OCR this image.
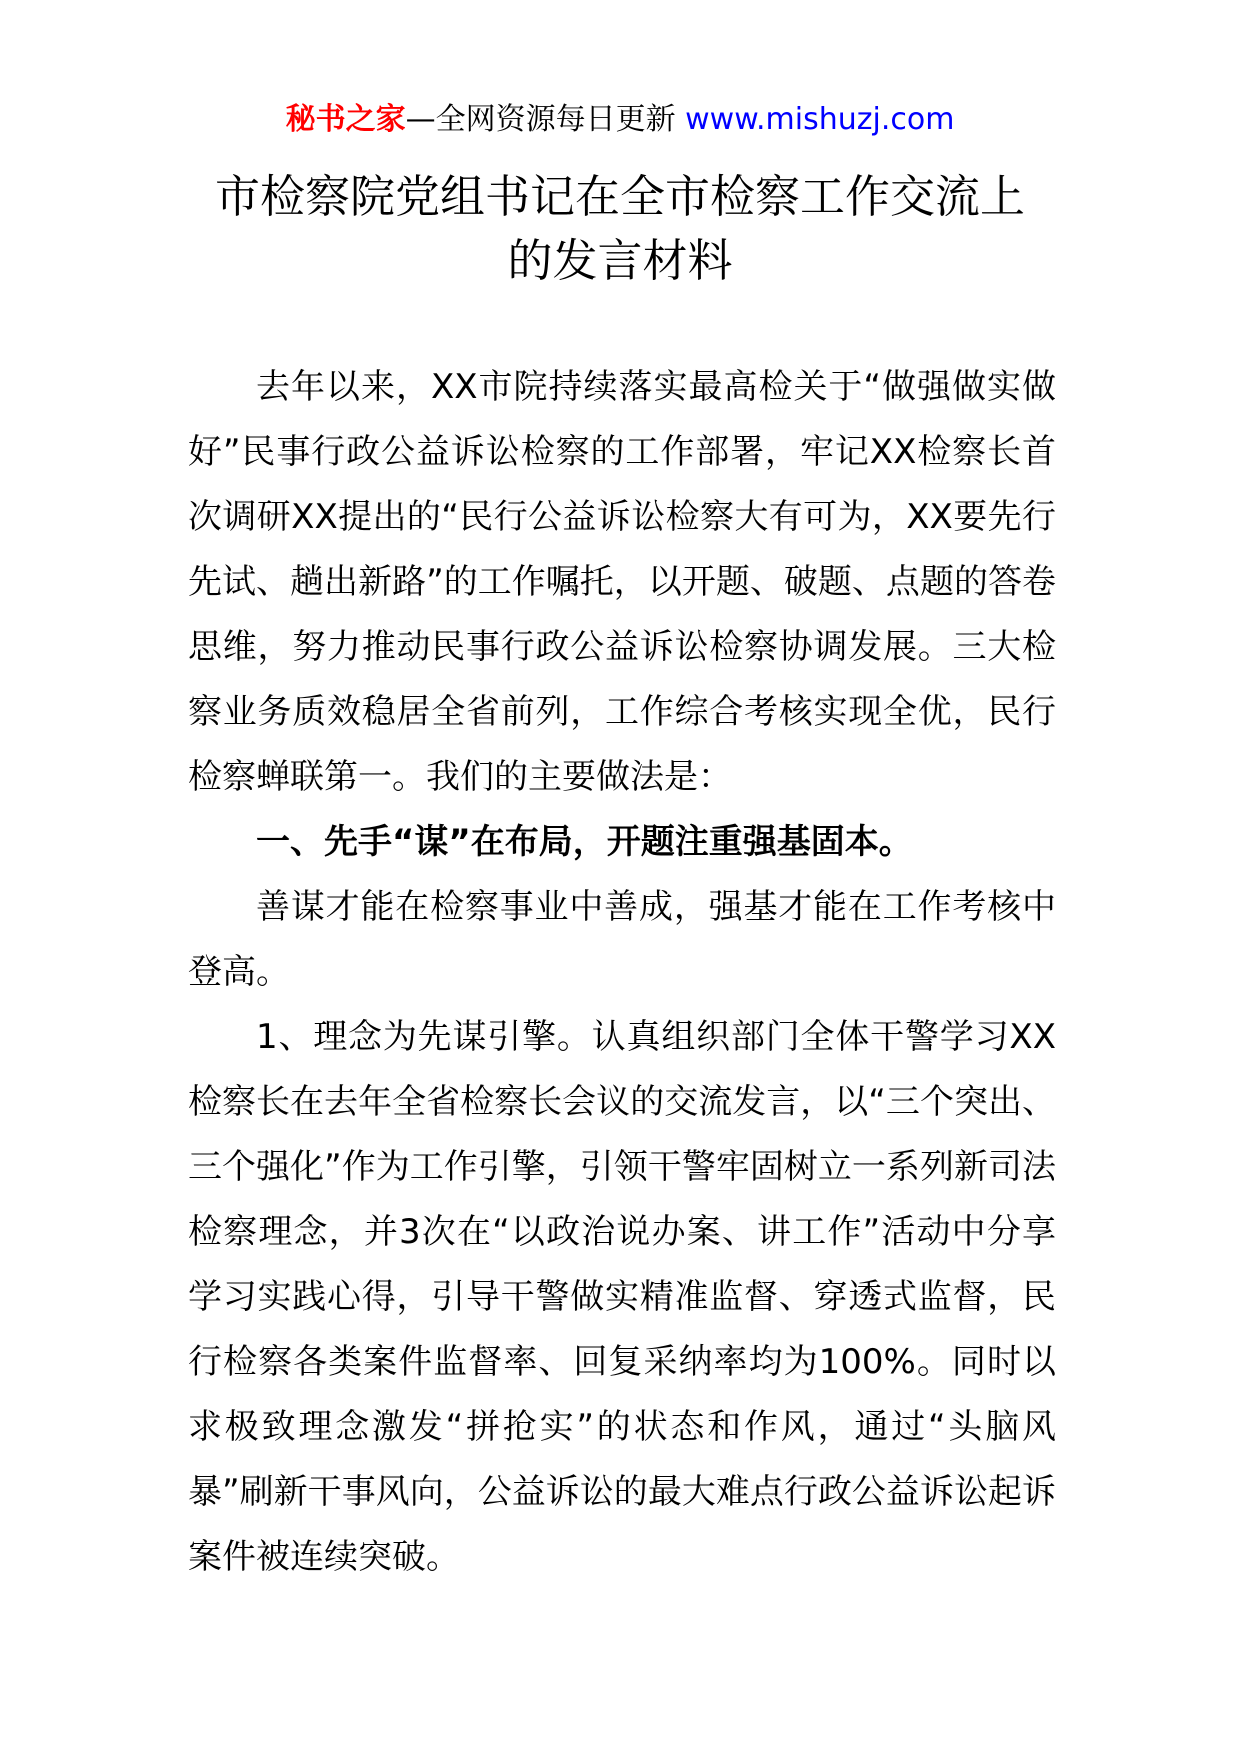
秘书之家—全网资源每日更新 www.mishuzj.com
市检察院党组书记在全市检察工作交流上
的发言材料

去年以来，XX市院持续落实最高检关于“做强做实做好”民事行政公益诉讼检察的工作部署，牢记XX检察长首次调研XX提出的“民行公益诉讼检察大有可为，XX要先行先试、趟出新路”的工作嘱托，以开题、破题、点题的答卷思维，努力推动民事行政公益诉讼检察协调发展。三大检察业务质效稳居全省前列，工作综合考核实现全优，民行检察蝉联第一。我们的主要做法是：

一、先手“谋”在布局，开题注重强基固本。

善谋才能在检察事业中善成，强基才能在工作考核中登高。

1、理念为先谋引擎。认真组织部门全体干警学习XX检察长在去年全省检察长会议的交流发言，以“三个突出、三个强化”作为工作引擎，引领干警牢固树立一系列新司法检察理念，并3次在“以政治说办案、讲工作”活动中分享学习实践心得，引导干警做实精准监督、穿透式监督，民行检察各类案件监督率、回复采纳率均为100%。同时以求极致理念激发“拼抢实”的状态和作风，通过“头脑风暴”刷新干事风向，公益诉讼的最大难点行政公益诉讼起诉案件被连续突破。
